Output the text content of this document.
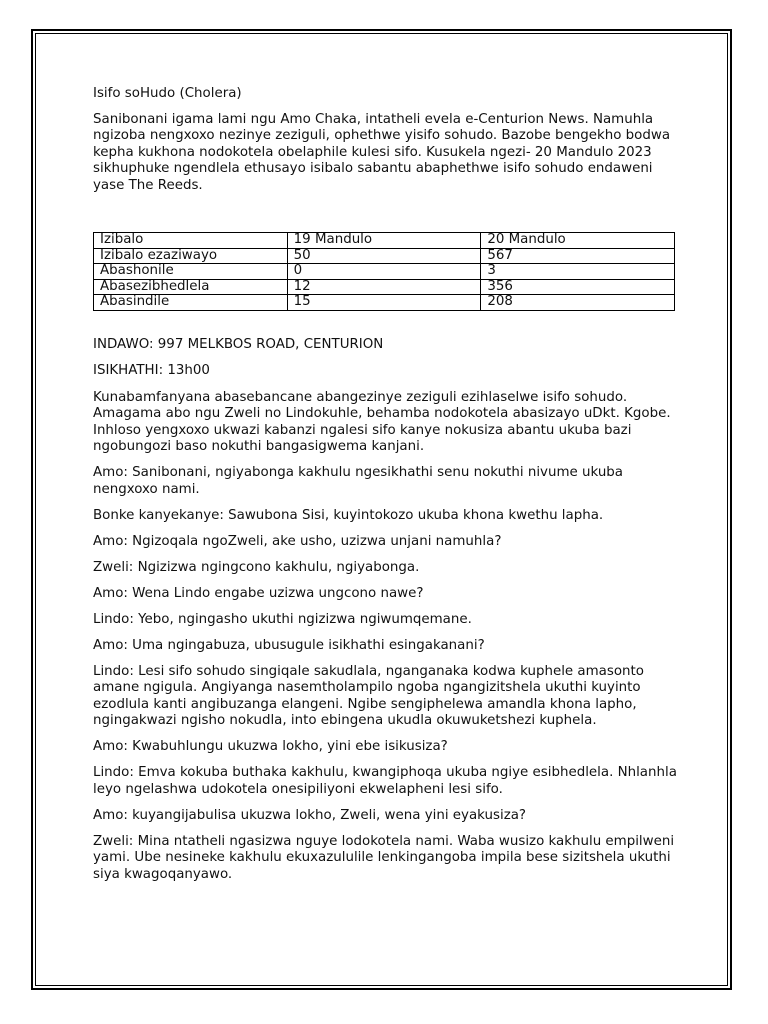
Isifo soHudo (Cholera)

Sanibonani igama lami ngu Amo Chaka, intatheli evela e-Centurion News. Namuhla ngizoba nengxoxo nezinye zeziguli, ophethwe yisifo sohudo. Bazobe bengekho bodwa kepha kukhona nodokotela obelaphile kulesi sifo. Kusukela ngezi- 20 Mandulo 2023 sikhuphuke ngendlela ethusayo isibalo sabantu abaphethwe isifo sohudo endaweni yase The Reeds.

Izibalo	19 Mandulo	20 Mandulo
Izibalo ezaziwayo	50	567
Abashonile	0	3
Abasezibhedlela	12	356
Abasindile	15	208

INDAWO: 997 MELKBOS ROAD, CENTURION

ISIKHATHI: 13h00

Kunabamfanyana abasebancane abangezinye zeziguli ezihlaselwe isifo sohudo. Amagama abo ngu Zweli no Lindokuhle, behamba nodokotela abasizayo uDkt. Kgobe. Inhloso yengxoxo ukwazi kabanzi ngalesi sifo kanye nokusiza abantu ukuba bazi ngobungozi baso nokuthi bangasigwema kanjani.

Amo: Sanibonani, ngiyabonga kakhulu ngesikhathi senu nokuthi nivume ukuba nengxoxo nami.

Bonke kanyekanye: Sawubona Sisi, kuyintokozo ukuba khona kwethu lapha.

Amo: Ngizoqala ngoZweli, ake usho, uzizwa unjani namuhla?

Zweli: Ngizizwa ngingcono kakhulu, ngiyabonga.

Amo: Wena Lindo engabe uzizwa ungcono nawe?

Lindo: Yebo, ngingasho ukuthi ngizizwa ngiwumqemane.

Amo: Uma ngingabuza, ubusugule isikhathi esingakanani?

Lindo: Lesi sifo sohudo singiqale sakudlala, nganganaka kodwa kuphele amasonto amane ngigula. Angiyanga nasemtholampilo ngoba ngangizitshela ukuthi kuyinto ezodlula kanti angibuzanga elangeni. Ngibe sengiphelewa amandla khona lapho, ngingakwazi ngisho nokudla, into ebingena ukudla okuwuketshezi kuphela.

Amo: Kwabuhlungu ukuzwa lokho, yini ebe isikusiza?

Lindo: Emva kokuba buthaka kakhulu, kwangiphoqa ukuba ngiye esibhedlela. Nhlanhla leyo ngelashwa udokotela onesipiliyoni ekwelapheni lesi sifo.

Amo: kuyangijabulisa ukuzwa lokho, Zweli, wena yini eyakusiza?

Zweli: Mina ntatheli ngasizwa nguye lodokotela nami. Waba wusizo kakhulu empilweni yami. Ube nesineke kakhulu ekuxazululile lenkingangoba impila bese sizitshela ukuthi siya kwagoqanyawo.
